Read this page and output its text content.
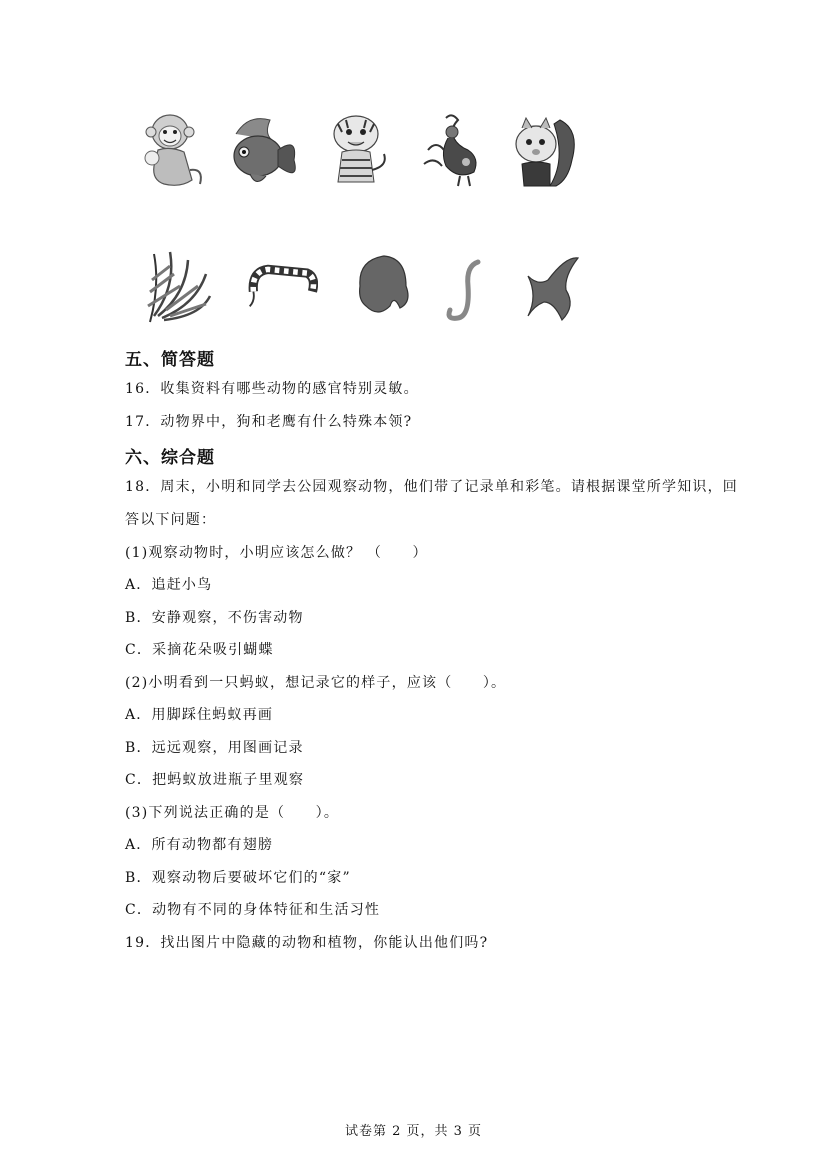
五、简答题
16．收集资料有哪些动物的感官特别灵敏。
17．动物界中，狗和老鹰有什么特殊本领?
六、综合题
18．周末，小明和同学去公园观察动物，他们带了记录单和彩笔。请根据课堂所学知识，回
答以下问题：
(1)观察动物时，小明应该怎么做？ （　　）
A．追赶小鸟
B．安静观察，不伤害动物
C．采摘花朵吸引蝴蝶
(2)小明看到一只蚂蚁，想记录它的样子，应该（　　）。
A．用脚踩住蚂蚁再画
B．远远观察，用图画记录
C．把蚂蚁放进瓶子里观察
(3)下列说法正确的是（　　）。
A．所有动物都有翅膀
B．观察动物后要破坏它们的“家”
C．动物有不同的身体特征和生活习性
19．找出图片中隐藏的动物和植物，你能认出他们吗?
试卷第 2 页，共 3 页
